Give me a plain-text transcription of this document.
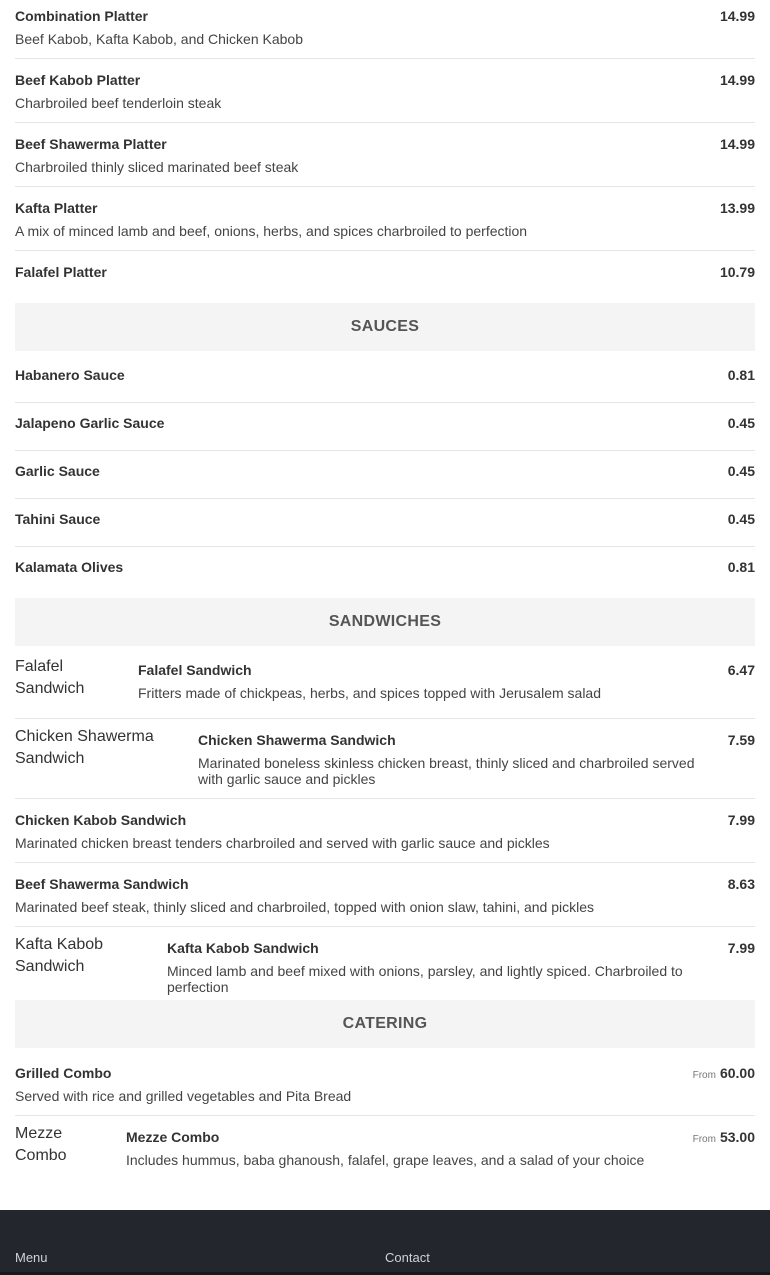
Combination Platter
Beef Kabob, Kafta Kabob, and Chicken Kabob
14.99
Beef Kabob Platter
Charbroiled beef tenderloin steak
14.99
Beef Shawerma Platter
Charbroiled thinly sliced marinated beef steak
14.99
Kafta Platter
A mix of minced lamb and beef, onions, herbs, and spices charbroiled to perfection
13.99
Falafel Platter	10.79
SAUCES
Habanero Sauce	0.81
Jalapeno Garlic Sauce	0.45
Garlic Sauce	0.45
Tahini Sauce	0.45
Kalamata Olives	0.81
SANDWICHES
Falafel Sandwich
Falafel Sandwich
Fritters made of chickpeas, herbs, and spices topped with Jerusalem salad
6.47
Chicken Shawerma Sandwich
Chicken Shawerma Sandwich
Marinated boneless skinless chicken breast, thinly sliced and charbroiled served with garlic sauce and pickles
7.59
Chicken Kabob Sandwich
Marinated chicken breast tenders charbroiled and served with garlic sauce and pickles
7.99
Beef Shawerma Sandwich
Marinated beef steak, thinly sliced and charbroiled, topped with onion slaw, tahini, and pickles
8.63
Kafta Kabob Sandwich
Kafta Kabob Sandwich
Minced lamb and beef mixed with onions, parsley, and lightly spiced. Charbroiled to perfection
7.99
CATERING
Grilled Combo
Served with rice and grilled vegetables and Pita Bread
From 60.00
Mezze Combo
Mezze Combo
Includes hummus, baba ghanoush, falafel, grape leaves, and a salad of your choice
From 53.00
Menu	Contact
